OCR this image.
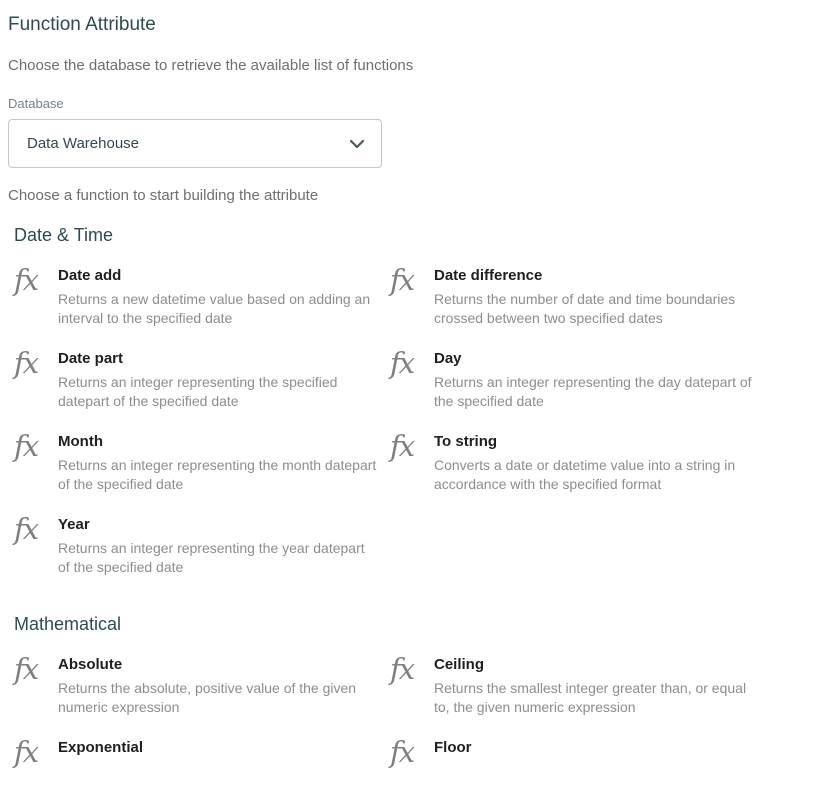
Function Attribute

Choose the database to retrieve the available list of functions

Database
Data Warehouse

Choose a function to start building the attribute

Date & Time
fx	Date add
Returns a new datetime value based on adding an interval to the specified date
fx	Date difference
Returns the number of date and time boundaries crossed between two specified dates
fx	Date part
Returns an integer representing the specified datepart of the specified date
fx	Day
Returns an integer representing the day datepart of the specified date
fx	Month
Returns an integer representing the month datepart of the specified date
fx	To string
Converts a date or datetime value into a string in accordance with the specified format
fx	Year
Returns an integer representing the year datepart of the specified date
Mathematical
fx	Absolute
Returns the absolute, positive value of the given numeric expression
fx	Ceiling
Returns the smallest integer greater than, or equal to, the given numeric expression
fx	Exponential	fx	Floor
